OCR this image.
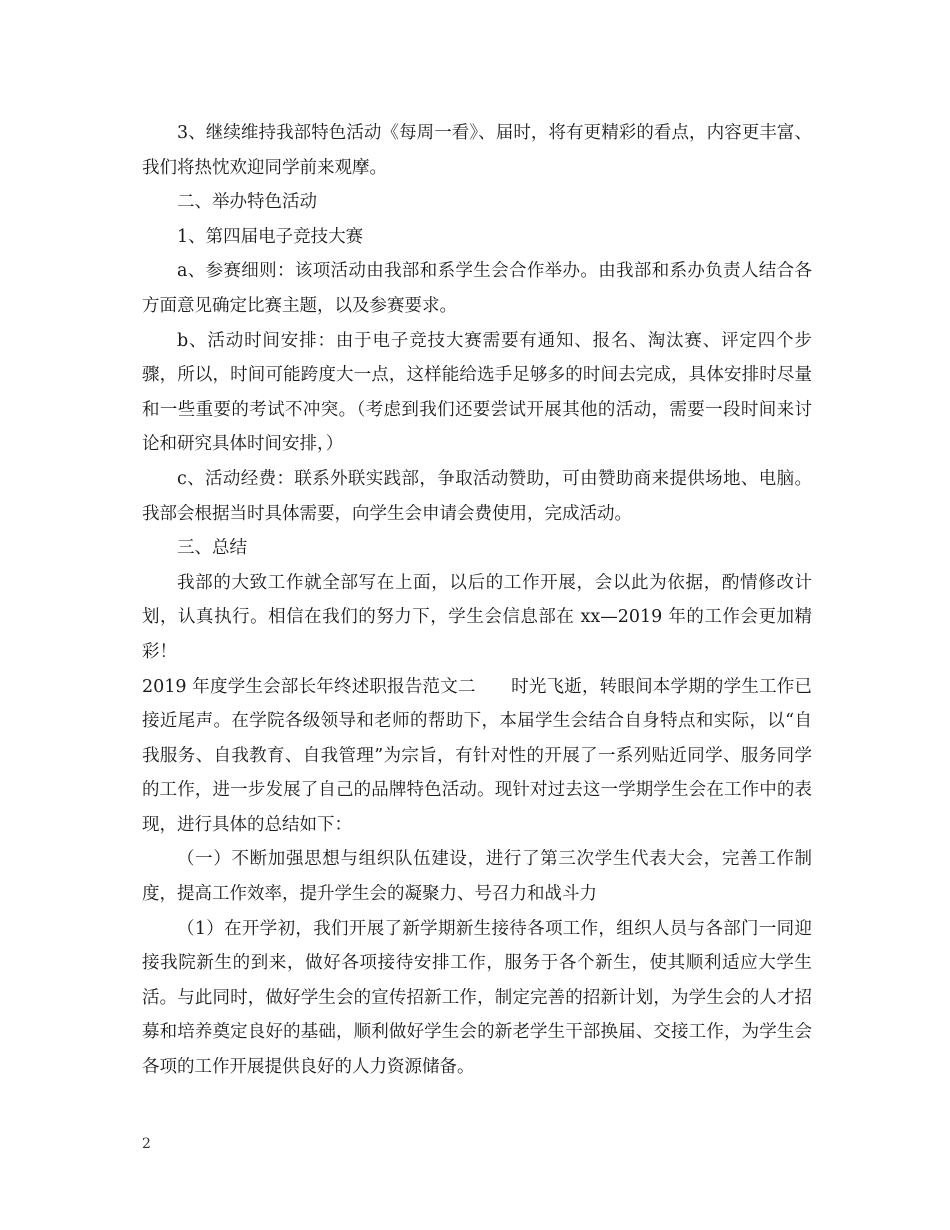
3、继续维持我部特色活动《每周一看》、届时，将有更精彩的看点，内容更丰富、我们将热忱欢迎同学前来观摩。

二、举办特色活动

1、第四届电子竞技大赛

a、参赛细则：该项活动由我部和系学生会合作举办。由我部和系办负责人结合各方面意见确定比赛主题，以及参赛要求。

b、活动时间安排：由于电子竞技大赛需要有通知、报名、淘汰赛、评定四个步骤，所以，时间可能跨度大一点，这样能给选手足够多的时间去完成，具体安排时尽量和一些重要的考试不冲突。（考虑到我们还要尝试开展其他的活动，需要一段时间来讨论和研究具体时间安排，）

c、活动经费：联系外联实践部，争取活动赞助，可由赞助商来提供场地、电脑。我部会根据当时具体需要，向学生会申请会费使用，完成活动。

三、总结

我部的大致工作就全部写在上面，以后的工作开展，会以此为依据，酌情修改计划，认真执行。相信在我们的努力下，学生会信息部在 xx—2019 年的工作会更加精彩！

2019 年度学生会部长年终述职报告范文二　　时光飞逝，转眼间本学期的学生工作已接近尾声。在学院各级领导和老师的帮助下，本届学生会结合自身特点和实际，以“自我服务、自我教育、自我管理”为宗旨，有针对性的开展了一系列贴近同学、服务同学的工作，进一步发展了自己的品牌特色活动。现针对过去这一学期学生会在工作中的表现，进行具体的总结如下：

（一）不断加强思想与组织队伍建设，进行了第三次学生代表大会，完善工作制度，提高工作效率，提升学生会的凝聚力、号召力和战斗力

（1）在开学初，我们开展了新学期新生接待各项工作，组织人员与各部门一同迎接我院新生的到来，做好各项接待安排工作，服务于各个新生，使其顺利适应大学生活。与此同时，做好学生会的宣传招新工作，制定完善的招新计划，为学生会的人才招募和培养奠定良好的基础，顺利做好学生会的新老学生干部换届、交接工作，为学生会各项的工作开展提供良好的人力资源储备。

2
